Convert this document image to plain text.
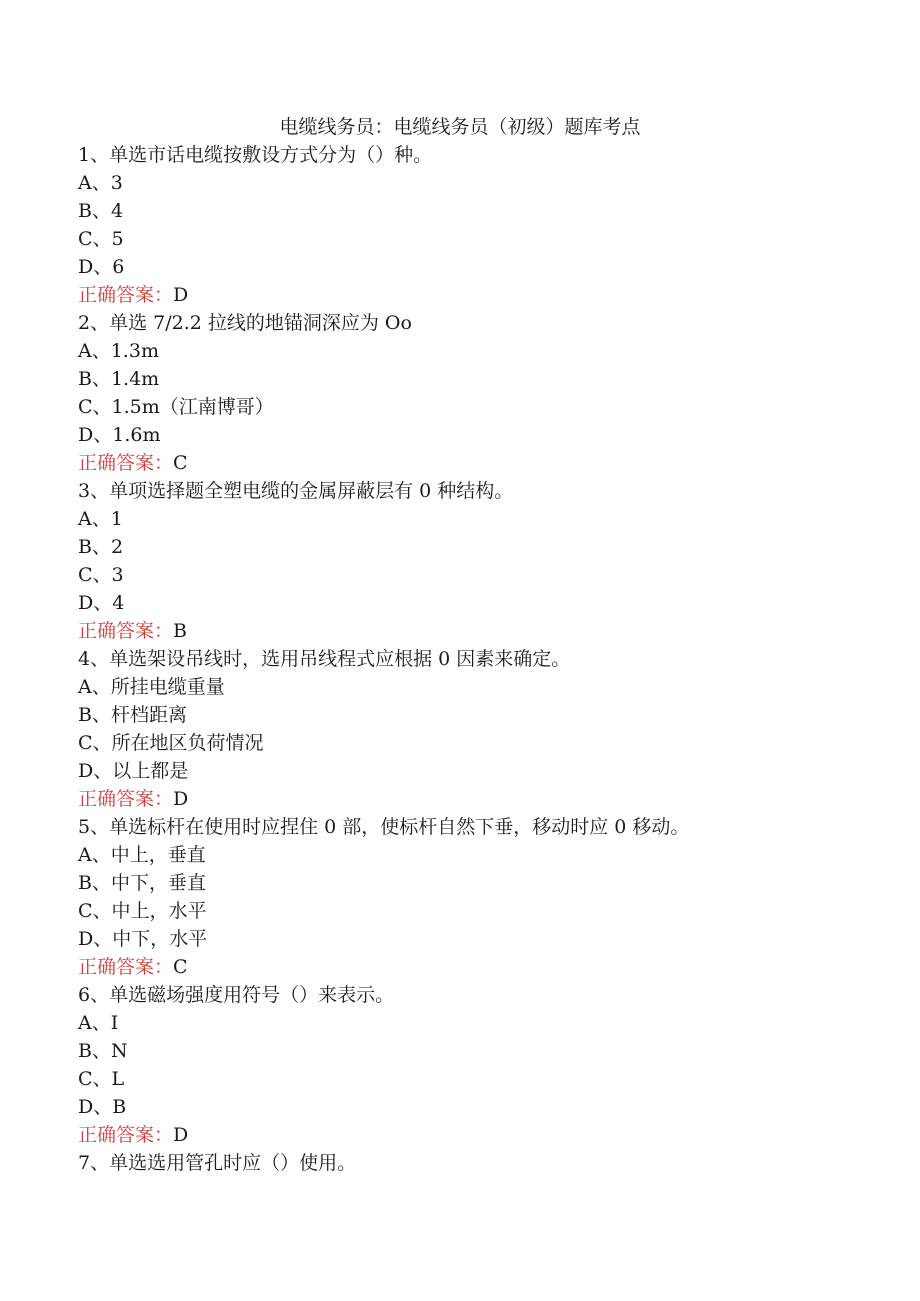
电缆线务员：电缆线务员（初级）题库考点
1、单选市话电缆按敷设方式分为（）种。
A、3
B、4
C、5
D、6
正确答案：D
2、单选 7/2.2 拉线的地锚洞深应为 Oo
A、1.3m
B、1.4m
C、1.5m（江南博哥）
D、1.6m
正确答案：C
3、单项选择题全塑电缆的金属屏蔽层有 0 种结构。
A、1
B、2
C、3
D、4
正确答案：B
4、单选架设吊线时，选用吊线程式应根据 0 因素来确定。
A、所挂电缆重量
B、杆档距离
C、所在地区负荷情况
D、以上都是
正确答案：D
5、单选标杆在使用时应捏住 0 部，使标杆自然下垂，移动时应 0 移动。
A、中上，垂直
B、中下，垂直
C、中上，水平
D、中下，水平
正确答案：C
6、单选磁场强度用符号（）来表示。
A、I
B、N
C、L
D、B
正确答案：D
7、单选选用管孔时应（）使用。
